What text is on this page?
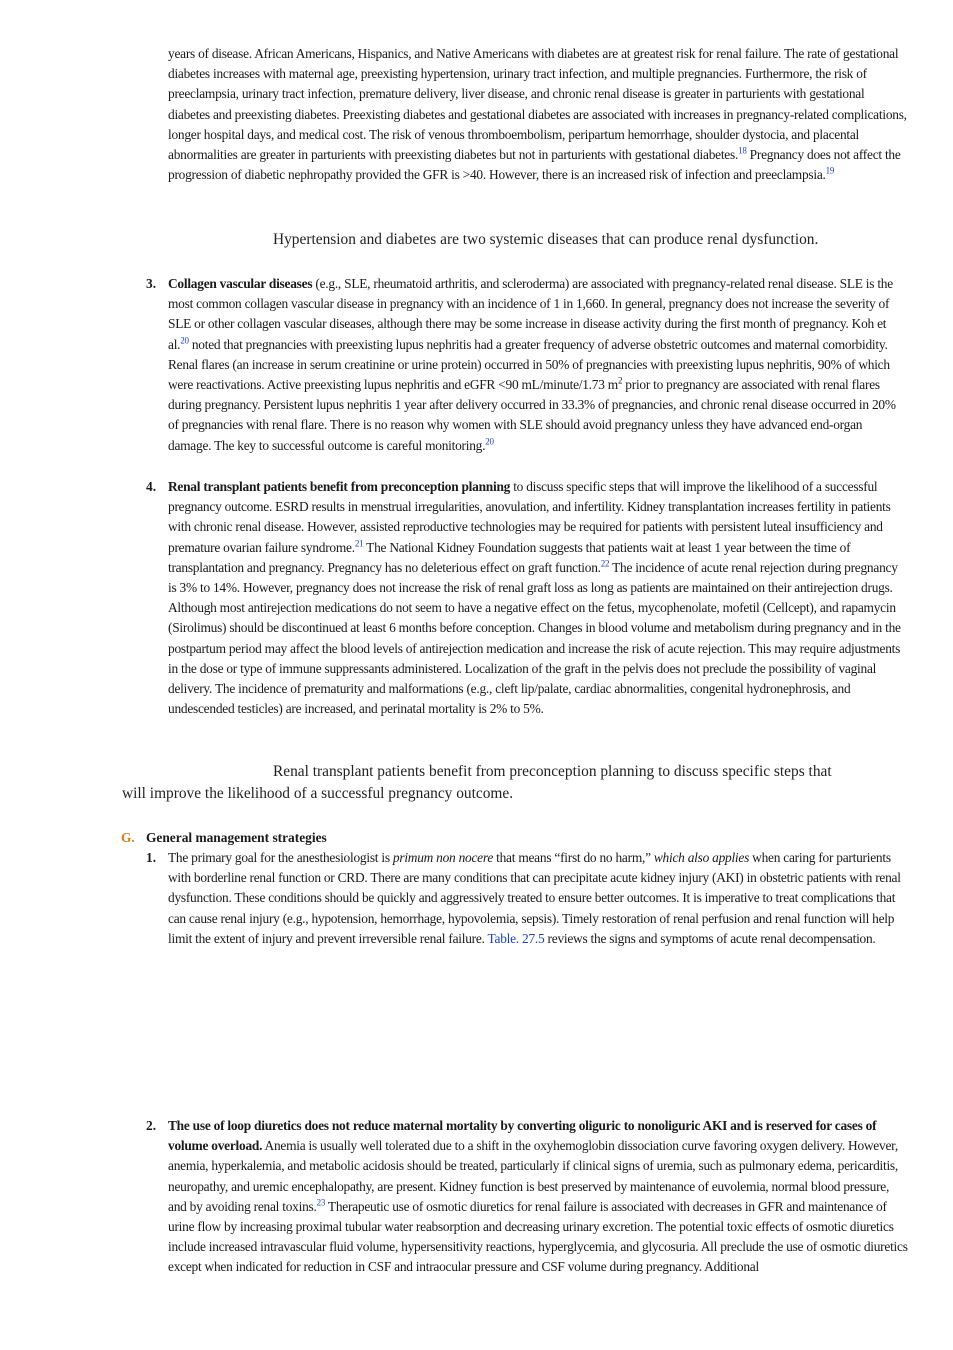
years of disease. African Americans, Hispanics, and Native Americans with diabetes are at greatest risk for renal failure. The rate of gestational diabetes increases with maternal age, preexisting hypertension, urinary tract infection, and multiple pregnancies. Furthermore, the risk of preeclampsia, urinary tract infection, premature delivery, liver disease, and chronic renal disease is greater in parturients with gestational diabetes and preexisting diabetes. Preexisting diabetes and gestational diabetes are associated with increases in pregnancy-related complications, longer hospital days, and medical cost. The risk of venous thromboembolism, peripartum hemorrhage, shoulder dystocia, and placental abnormalities are greater in parturients with preexisting diabetes but not in parturients with gestational diabetes.$^{18}$ Pregnancy does not affect the progression of diabetic nephropathy provided the GFR is >40. However, there is an increased risk of infection and preeclampsia.$^{19}$

Hypertension and diabetes are two systemic diseases that can produce renal dysfunction.

3. Collagen vascular diseases (e.g., SLE, rheumatoid arthritis, and scleroderma) are associated with pregnancy-related renal disease. SLE is the most common collagen vascular disease in pregnancy with an incidence of 1 in 1,660. In general, pregnancy does not increase the severity of SLE or other collagen vascular diseases, although there may be some increase in disease activity during the first month of pregnancy. Koh et al.$^{20}$ noted that pregnancies with preexisting lupus nephritis had a greater frequency of adverse obstetric outcomes and maternal comorbidity. Renal flares (an increase in serum creatinine or urine protein) occurred in 50% of pregnancies with preexisting lupus nephritis, 90% of which were reactivations. Active preexisting lupus nephritis and eGFR <90 mL/minute/1.73 $m^2$ prior to pregnancy are associated with renal flares during pregnancy. Persistent lupus nephritis 1 year after delivery occurred in 33.3% of pregnancies, and chronic renal disease occurred in 20% of pregnancies with renal flare. There is no reason why women with SLE should avoid pregnancy unless they have advanced end-organ damage. The key to successful outcome is careful monitoring.$^{20}$

4. Renal transplant patients benefit from preconception planning to discuss specific steps that will improve the likelihood of a successful pregnancy outcome. ESRD results in menstrual irregularities, anovulation, and infertility. Kidney transplantation increases fertility in patients with chronic renal disease. However, assisted reproductive technologies may be required for patients with persistent luteal insufficiency and premature ovarian failure syndrome.$^{21}$ The National Kidney Foundation suggests that patients wait at least 1 year between the time of transplantation and pregnancy. Pregnancy has no deleterious effect on graft function.$^{22}$ The incidence of acute renal rejection during pregnancy is 3% to 14%. However, pregnancy does not increase the risk of renal graft loss as long as patients are maintained on their antirejection drugs. Although most antirejection medications do not seem to have a negative effect on the fetus, mycophenolate, mofetil (Cellcept), and rapamycin (Sirolimus) should be discontinued at least 6 months before conception. Changes in blood volume and metabolism during pregnancy and in the postpartum period may affect the blood levels of antirejection medication and increase the risk of acute rejection. This may require adjustments in the dose or type of immune suppressants administered. Localization of the graft in the pelvis does not preclude the possibility of vaginal delivery. The incidence of prematurity and malformations (e.g., cleft lip/palate, cardiac abnormalities, congenital hydronephrosis, and undescended testicles) are increased, and perinatal mortality is 2% to 5%.

Renal transplant patients benefit from preconception planning to discuss specific steps that

will improve the likelihood of a successful pregnancy outcome.

G. General management strategies
1. The primary goal for the anesthesiologist is primum non nocere that means “first do no harm,” which also applies when caring for parturients with borderline renal function or CRD. There are many conditions that can precipitate acute kidney injury (AKI) in obstetric patients with renal dysfunction. These conditions should be quickly and aggressively treated to ensure better outcomes. It is imperative to treat complications that can cause renal injury (e.g., hypotension, hemorrhage, hypovolemia, sepsis). Timely restoration of renal perfusion and renal function will help limit the extent of injury and prevent irreversible renal failure. Table. 27.5 reviews the signs and symptoms of acute renal decompensation.

2. The use of loop diuretics does not reduce maternal mortality by converting oliguric to nonoliguric AKI and is reserved for cases of volume overload. Anemia is usually well tolerated due to a shift in the oxyhemoglobin dissociation curve favoring oxygen delivery. However, anemia, hyperkalemia, and metabolic acidosis should be treated, particularly if clinical signs of uremia, such as pulmonary edema, pericarditis, neuropathy, and uremic encephalopathy, are present. Kidney function is best preserved by maintenance of euvolemia, normal blood pressure, and by avoiding renal toxins.$^{23}$ Therapeutic use of osmotic diuretics for renal failure is associated with decreases in GFR and maintenance of urine flow by increasing proximal tubular water reabsorption and decreasing urinary excretion. The potential toxic effects of osmotic diuretics include increased intravascular fluid volume, hypersensitivity reactions, hyperglycemia, and glycosuria. All preclude the use of osmotic diuretics except when indicated for reduction in CSF and intraocular pressure and CSF volume during pregnancy. Additional
